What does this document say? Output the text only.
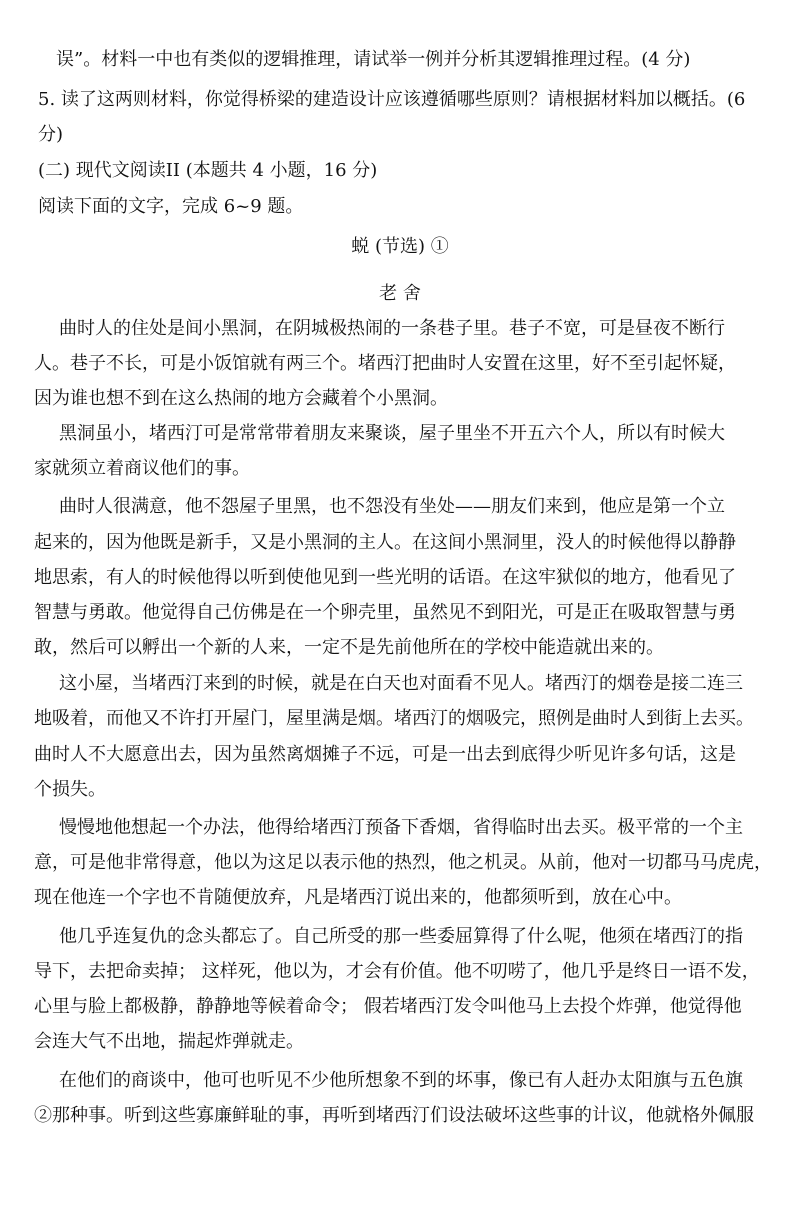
误”。材料一中也有类似的逻辑推理，请试举一例并分析其逻辑推理过程。(4 分)
5. 读了这两则材料，你觉得桥梁的建造设计应该遵循哪些原则？请根据材料加以概括。(6
分)
(二) 现代文阅读II (本题共 4 小题，16 分)
阅读下面的文字，完成 6~9 题。
蜕 (节选) ①
老 舍
曲时人的住处是间小黑洞，在阴城极热闹的一条巷子里。巷子不宽，可是昼夜不断行
人。巷子不长，可是小饭馆就有两三个。堵西汀把曲时人安置在这里，好不至引起怀疑，
因为谁也想不到在这么热闹的地方会藏着个小黑洞。
黑洞虽小，堵西汀可是常常带着朋友来聚谈，屋子里坐不开五六个人，所以有时候大
家就须立着商议他们的事。
曲时人很满意，他不怨屋子里黑，也不怨没有坐处——朋友们来到，他应是第一个立
起来的，因为他既是新手，又是小黑洞的主人。在这间小黑洞里，没人的时候他得以静静
地思索，有人的时候他得以听到使他见到一些光明的话语。在这牢狱似的地方，他看见了
智慧与勇敢。他觉得自己仿佛是在一个卵壳里，虽然见不到阳光，可是正在吸取智慧与勇
敢，然后可以孵出一个新的人来，一定不是先前他所在的学校中能造就出来的。
这小屋，当堵西汀来到的时候，就是在白天也对面看不见人。堵西汀的烟卷是接二连三
地吸着，而他又不许打开屋门，屋里满是烟。堵西汀的烟吸完，照例是曲时人到街上去买。
曲时人不大愿意出去，因为虽然离烟摊子不远，可是一出去到底得少听见许多句话，这是
个损失。
慢慢地他想起一个办法，他得给堵西汀预备下香烟，省得临时出去买。极平常的一个主
意，可是他非常得意，他以为这足以表示他的热烈，他之机灵。从前，他对一切都马马虎虎，
现在他连一个字也不肯随便放弃，凡是堵西汀说出来的，他都须听到，放在心中。
他几乎连复仇的念头都忘了。自己所受的那一些委屈算得了什么呢，他须在堵西汀的指
导下，去把命卖掉； 这样死，他以为，才会有价值。他不叨唠了，他几乎是终日一语不发，
心里与脸上都极静，静静地等候着命令； 假若堵西汀发令叫他马上去投个炸弹，他觉得他
会连大气不出地，揣起炸弹就走。
在他们的商谈中，他可也听见不少他所想象不到的坏事，像已有人赶办太阳旗与五色旗
②那种事。听到这些寡廉鲜耻的事，再听到堵西汀们设法破坏这些事的计议，他就格外佩服
